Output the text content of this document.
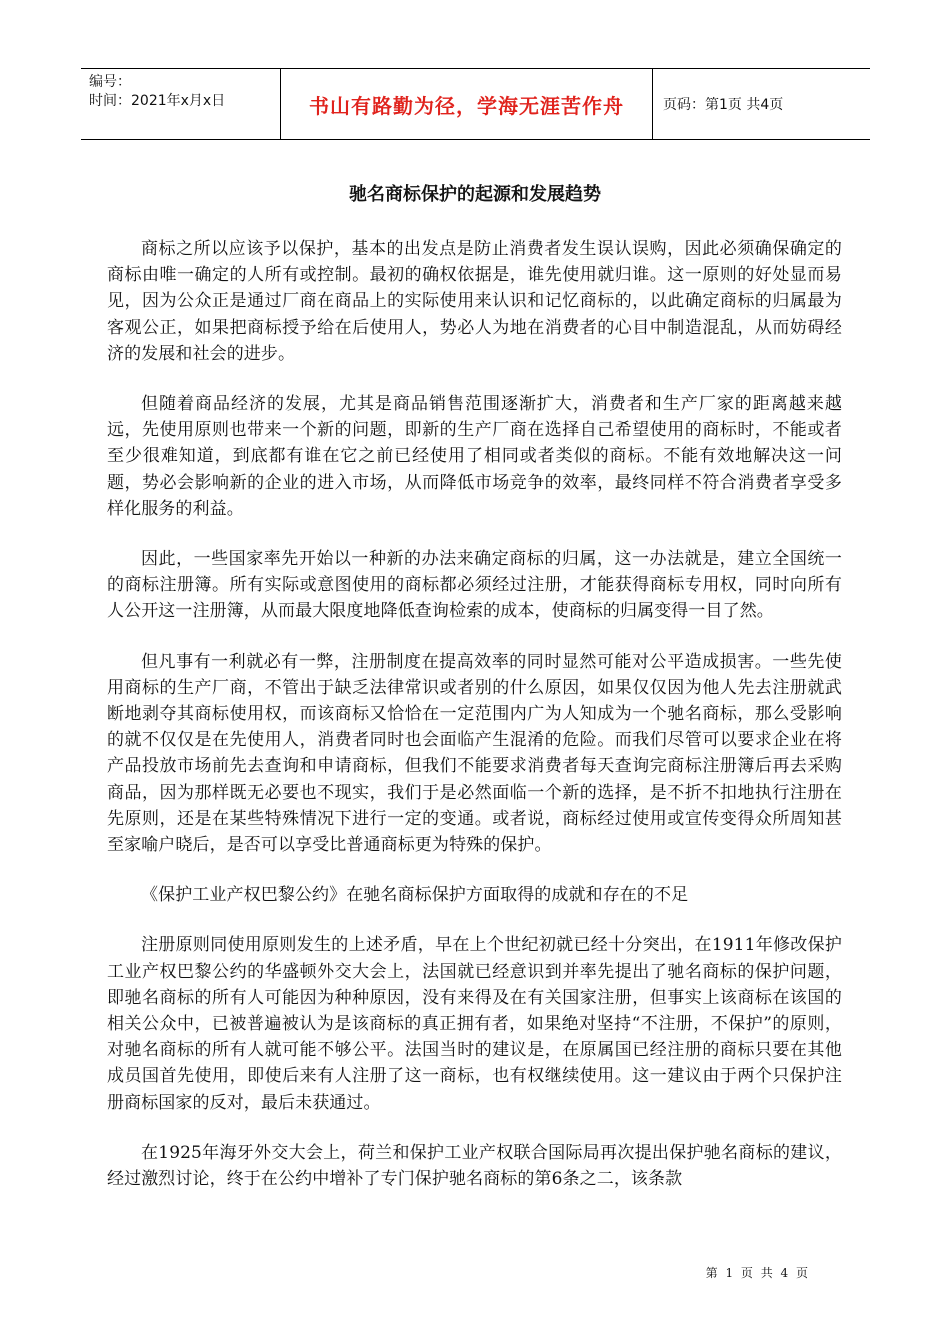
编号：
时间：2021年x月x日	书山有路勤为径，学海无涯苦作舟	页码：第1页 共4页
驰名商标保护的起源和发展趋势

商标之所以应该予以保护，基本的出发点是防止消费者发生误认误购，因此必须确保确定的商标由唯一确定的人所有或控制。最初的确权依据是，谁先使用就归谁。这一原则的好处显而易见，因为公众正是通过厂商在商品上的实际使用来认识和记忆商标的，以此确定商标的归属最为客观公正，如果把商标授予给在后使用人，势必人为地在消费者的心目中制造混乱，从而妨碍经济的发展和社会的进步。

但随着商品经济的发展，尤其是商品销售范围逐渐扩大，消费者和生产厂家的距离越来越远，先使用原则也带来一个新的问题，即新的生产厂商在选择自己希望使用的商标时，不能或者至少很难知道，到底都有谁在它之前已经使用了相同或者类似的商标。不能有效地解决这一问题，势必会影响新的企业的进入市场，从而降低市场竞争的效率，最终同样不符合消费者享受多样化服务的利益。

因此，一些国家率先开始以一种新的办法来确定商标的归属，这一办法就是，建立全国统一的商标注册簿。所有实际或意图使用的商标都必须经过注册，才能获得商标专用权，同时向所有人公开这一注册簿，从而最大限度地降低查询检索的成本，使商标的归属变得一目了然。

但凡事有一利就必有一弊，注册制度在提高效率的同时显然可能对公平造成损害。一些先使用商标的生产厂商，不管出于缺乏法律常识或者别的什么原因，如果仅仅因为他人先去注册就武断地剥夺其商标使用权，而该商标又恰恰在一定范围内广为人知成为一个驰名商标，那么受影响的就不仅仅是在先使用人，消费者同时也会面临产生混淆的危险。而我们尽管可以要求企业在将产品投放市场前先去查询和申请商标，但我们不能要求消费者每天查询完商标注册簿后再去采购商品，因为那样既无必要也不现实，我们于是必然面临一个新的选择，是不折不扣地执行注册在先原则，还是在某些特殊情况下进行一定的变通。或者说，商标经过使用或宣传变得众所周知甚至家喻户晓后，是否可以享受比普通商标更为特殊的保护。

《保护工业产权巴黎公约》在驰名商标保护方面取得的成就和存在的不足

注册原则同使用原则发生的上述矛盾，早在上个世纪初就已经十分突出，在1911年修改保护工业产权巴黎公约的华盛顿外交大会上，法国就已经意识到并率先提出了驰名商标的保护问题，即驰名商标的所有人可能因为种种原因，没有来得及在有关国家注册，但事实上该商标在该国的相关公众中，已被普遍被认为是该商标的真正拥有者，如果绝对坚持“不注册，不保护”的原则，对驰名商标的所有人就可能不够公平。法国当时的建议是，在原属国已经注册的商标只要在其他成员国首先使用，即使后来有人注册了这一商标，也有权继续使用。这一建议由于两个只保护注册商标国家的反对，最后未获通过。

在1925年海牙外交大会上，荷兰和保护工业产权联合国际局再次提出保护驰名商标的建议，经过激烈讨论，终于在公约中增补了专门保护驰名商标的第6条之二，该条款

第 1 页 共 4 页
